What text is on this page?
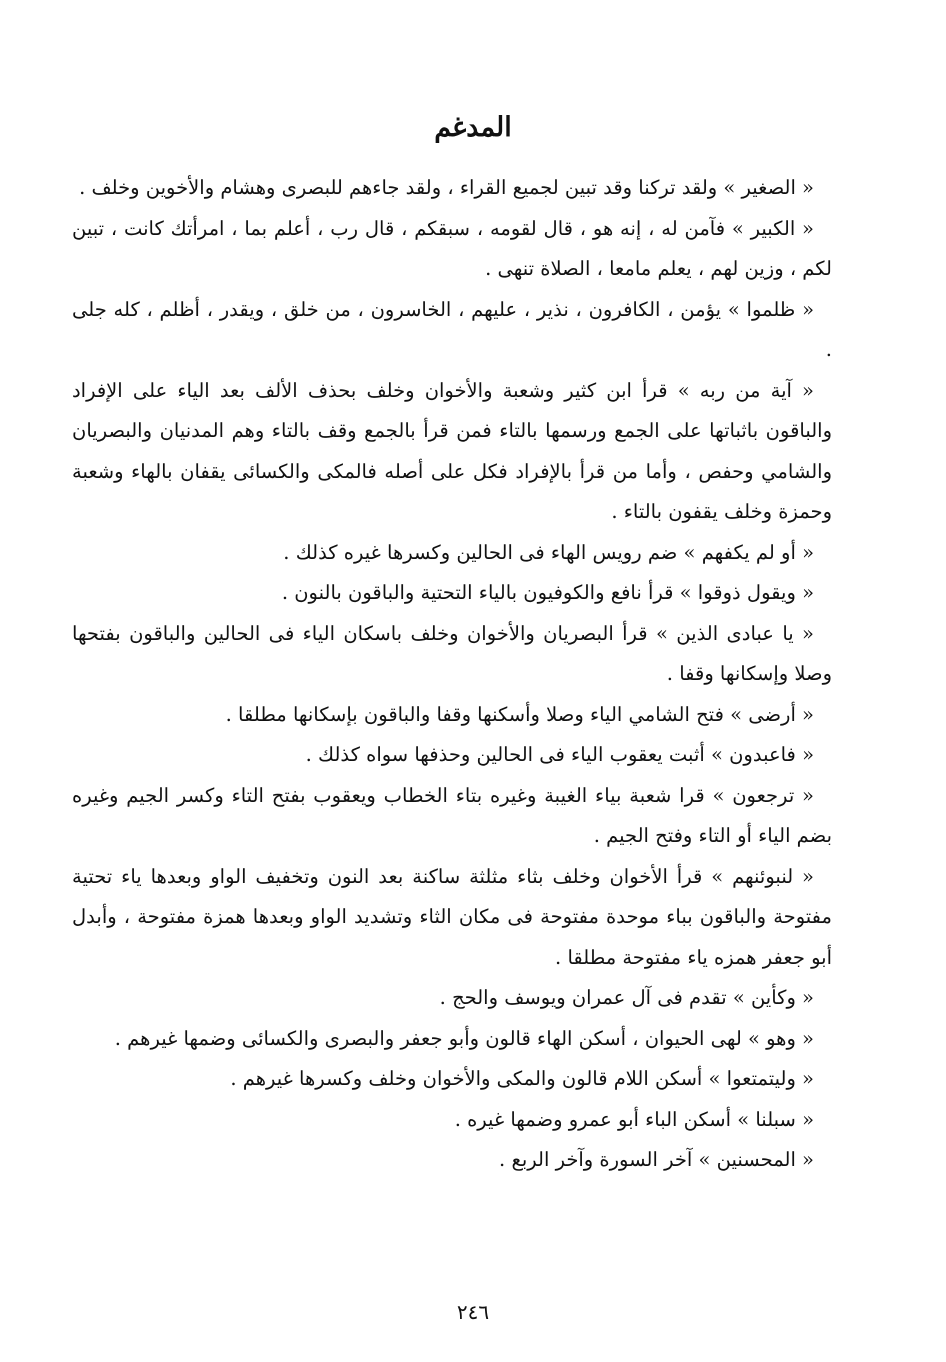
المدغم

« الصغير » ولقد تركنا وقد تبين لجميع القراء ، ولقد جاءهم للبصرى وهشام والأخوين وخلف .

« الكبير » فآمن له ، إنه هو ، قال لقومه ، سبقكم ، قال رب ، أعلم بما ، امرأتك كانت ، تبين لكم ، وزين لهم ، يعلم مامعا ، الصلاة تنهى .

« ظلموا » يؤمن ، الكافرون ، نذير ، عليهم ، الخاسرون ، من خلق ، ويقدر ، أظلم ، كله جلى .

« آية من ربه » قرأ ابن كثير وشعبة والأخوان وخلف بحذف الألف بعد الياء على الإفراد والباقون باثباتها على الجمع ورسمها بالتاء فمن قرأ بالجمع وقف بالتاء وهم المدنيان والبصريان والشامي وحفص ، وأما من قرأ بالإفراد فكل على أصله فالمكى والكسائى يقفان بالهاء وشعبة وحمزة وخلف يقفون بالتاء .

« أو لم يكفهم » ضم رويس الهاء فى الحالين وكسرها غيره كذلك .

« ويقول ذوقوا » قرأ نافع والكوفيون بالياء التحتية والباقون بالنون .

« يا عبادى الذين » قرأ البصريان والأخوان وخلف باسكان الياء فى الحالين والباقون بفتحها وصلا وإسكانها وقفا .

« أرضى » فتح الشامي الياء وصلا وأسكنها وقفا والباقون بإسكانها مطلقا .

« فاعبدون » أثبت يعقوب الياء فى الحالين وحذفها سواه كذلك .

« ترجعون » قرا شعبة بياء الغيبة وغيره بتاء الخطاب ويعقوب بفتح التاء وكسر الجيم وغيره بضم الياء أو التاء وفتح الجيم .

« لنبوئنهم » قرأ الأخوان وخلف بثاء مثلثة ساكنة بعد النون وتخفيف الواو وبعدها ياء تحتية مفتوحة والباقون بباء موحدة مفتوحة فى مكان الثاء وتشديد الواو وبعدها همزة مفتوحة ، وأبدل أبو جعفر همزه ياء مفتوحة مطلقا .

« وكأين » تقدم فى آل عمران ويوسف والحج .

« وهو » لهى الحيوان ، أسكن الهاء قالون وأبو جعفر والبصرى والكسائى وضمها غيرهم .

« وليتمتعوا » أسكن اللام قالون والمكى والأخوان وخلف وكسرها غيرهم .

« سبلنا » أسكن الباء أبو عمرو وضمها غيره .

« المحسنين » آخر السورة وآخر الربع .

٢٤٦
